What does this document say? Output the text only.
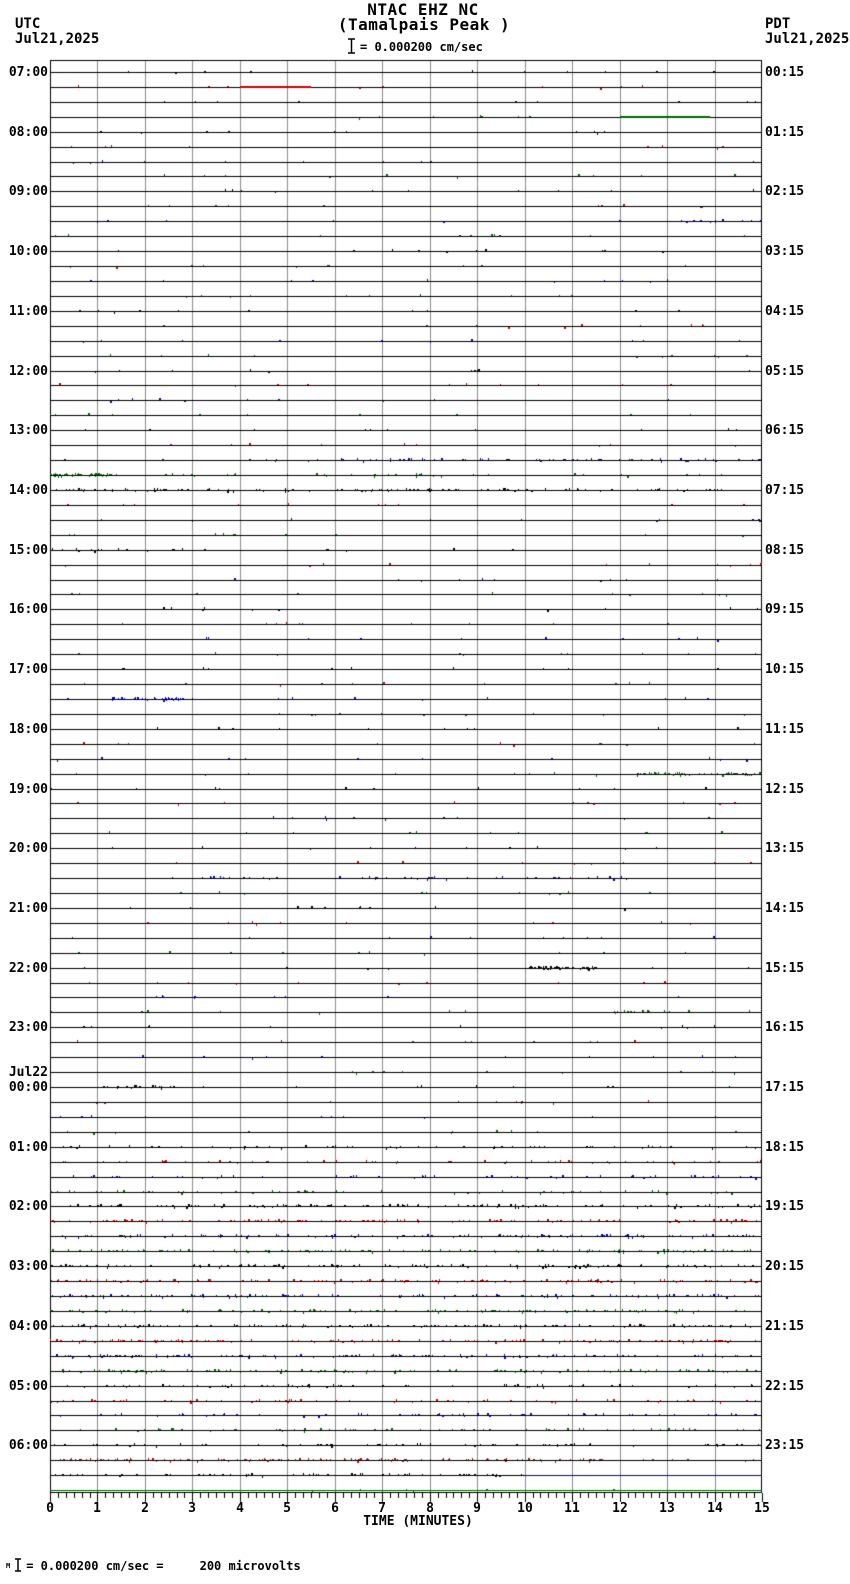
UTC
Jul21,2025
PDT
Jul21,2025
NTAC EHZ NC
(Tamalpais Peak )
= 0.000200 cm/sec
07:00
08:00
09:00
10:00
11:00
12:00
13:00
14:00
15:00
16:00
17:00
18:00
19:00
20:00
21:00
22:00
23:00
Jul22
00:00
01:00
02:00
03:00
04:00
05:00
06:00
00:15
01:15
02:15
03:15
04:15
05:15
06:15
07:15
08:15
09:15
10:15
11:15
12:15
13:15
14:15
15:15
16:15
17:15
18:15
19:15
20:15
21:15
22:15
23:15
0	1	2	3	4	5	6	7	8	9	10 11 12 13 14 15
TIME (MINUTES)
M = 0.000200 cm/sec =     200 microvolts
